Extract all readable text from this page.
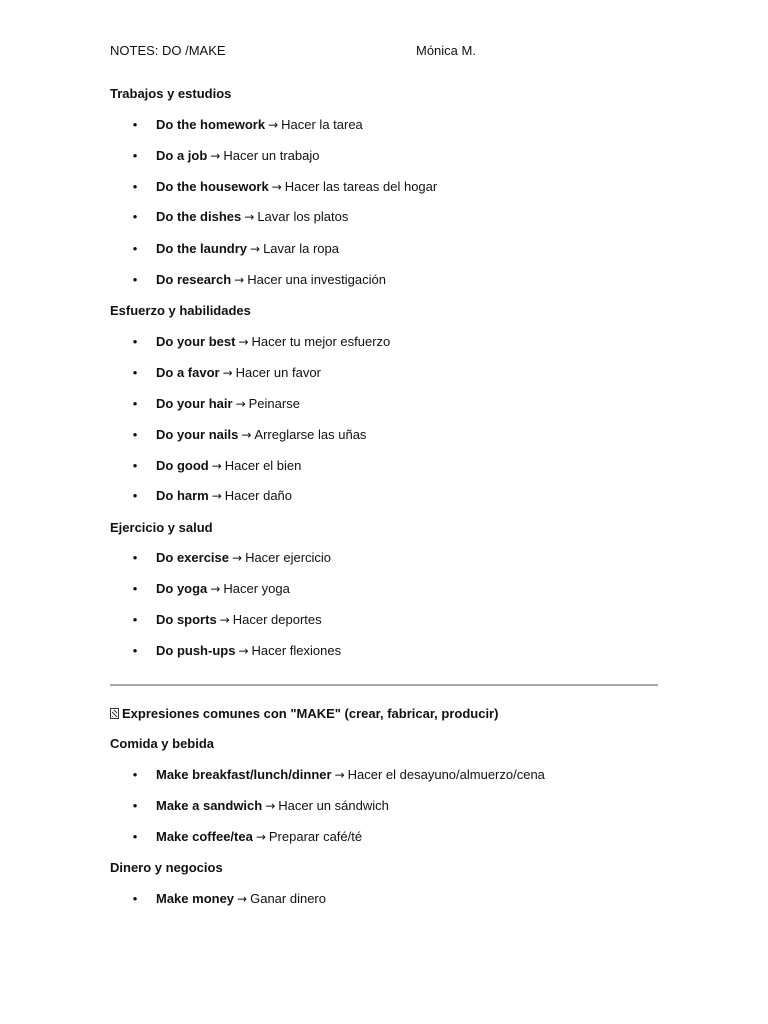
NOTES: DO /MAKE	Mónica M.
Trabajos y estudios
• Do the homework → Hacer la tarea
• Do a job → Hacer un trabajo
• Do the housework → Hacer las tareas del hogar
• Do the dishes → Lavar los platos
• Do the laundry → Lavar la ropa
• Do research → Hacer una investigación
Esfuerzo y habilidades
• Do your best → Hacer tu mejor esfuerzo
• Do a favor → Hacer un favor
• Do your hair → Peinarse
• Do your nails → Arreglarse las uñas
• Do good → Hacer el bien
• Do harm → Hacer daño
Ejercicio y salud
• Do exercise → Hacer ejercicio
• Do yoga → Hacer yoga
• Do sports → Hacer deportes
• Do push-ups → Hacer flexiones
Expresiones comunes con "MAKE" (crear, fabricar, producir)
Comida y bebida
• Make breakfast/lunch/dinner → Hacer el desayuno/almuerzo/cena
• Make a sandwich → Hacer un sándwich
• Make coffee/tea → Preparar café/té
Dinero y negocios
• Make money → Ganar dinero
